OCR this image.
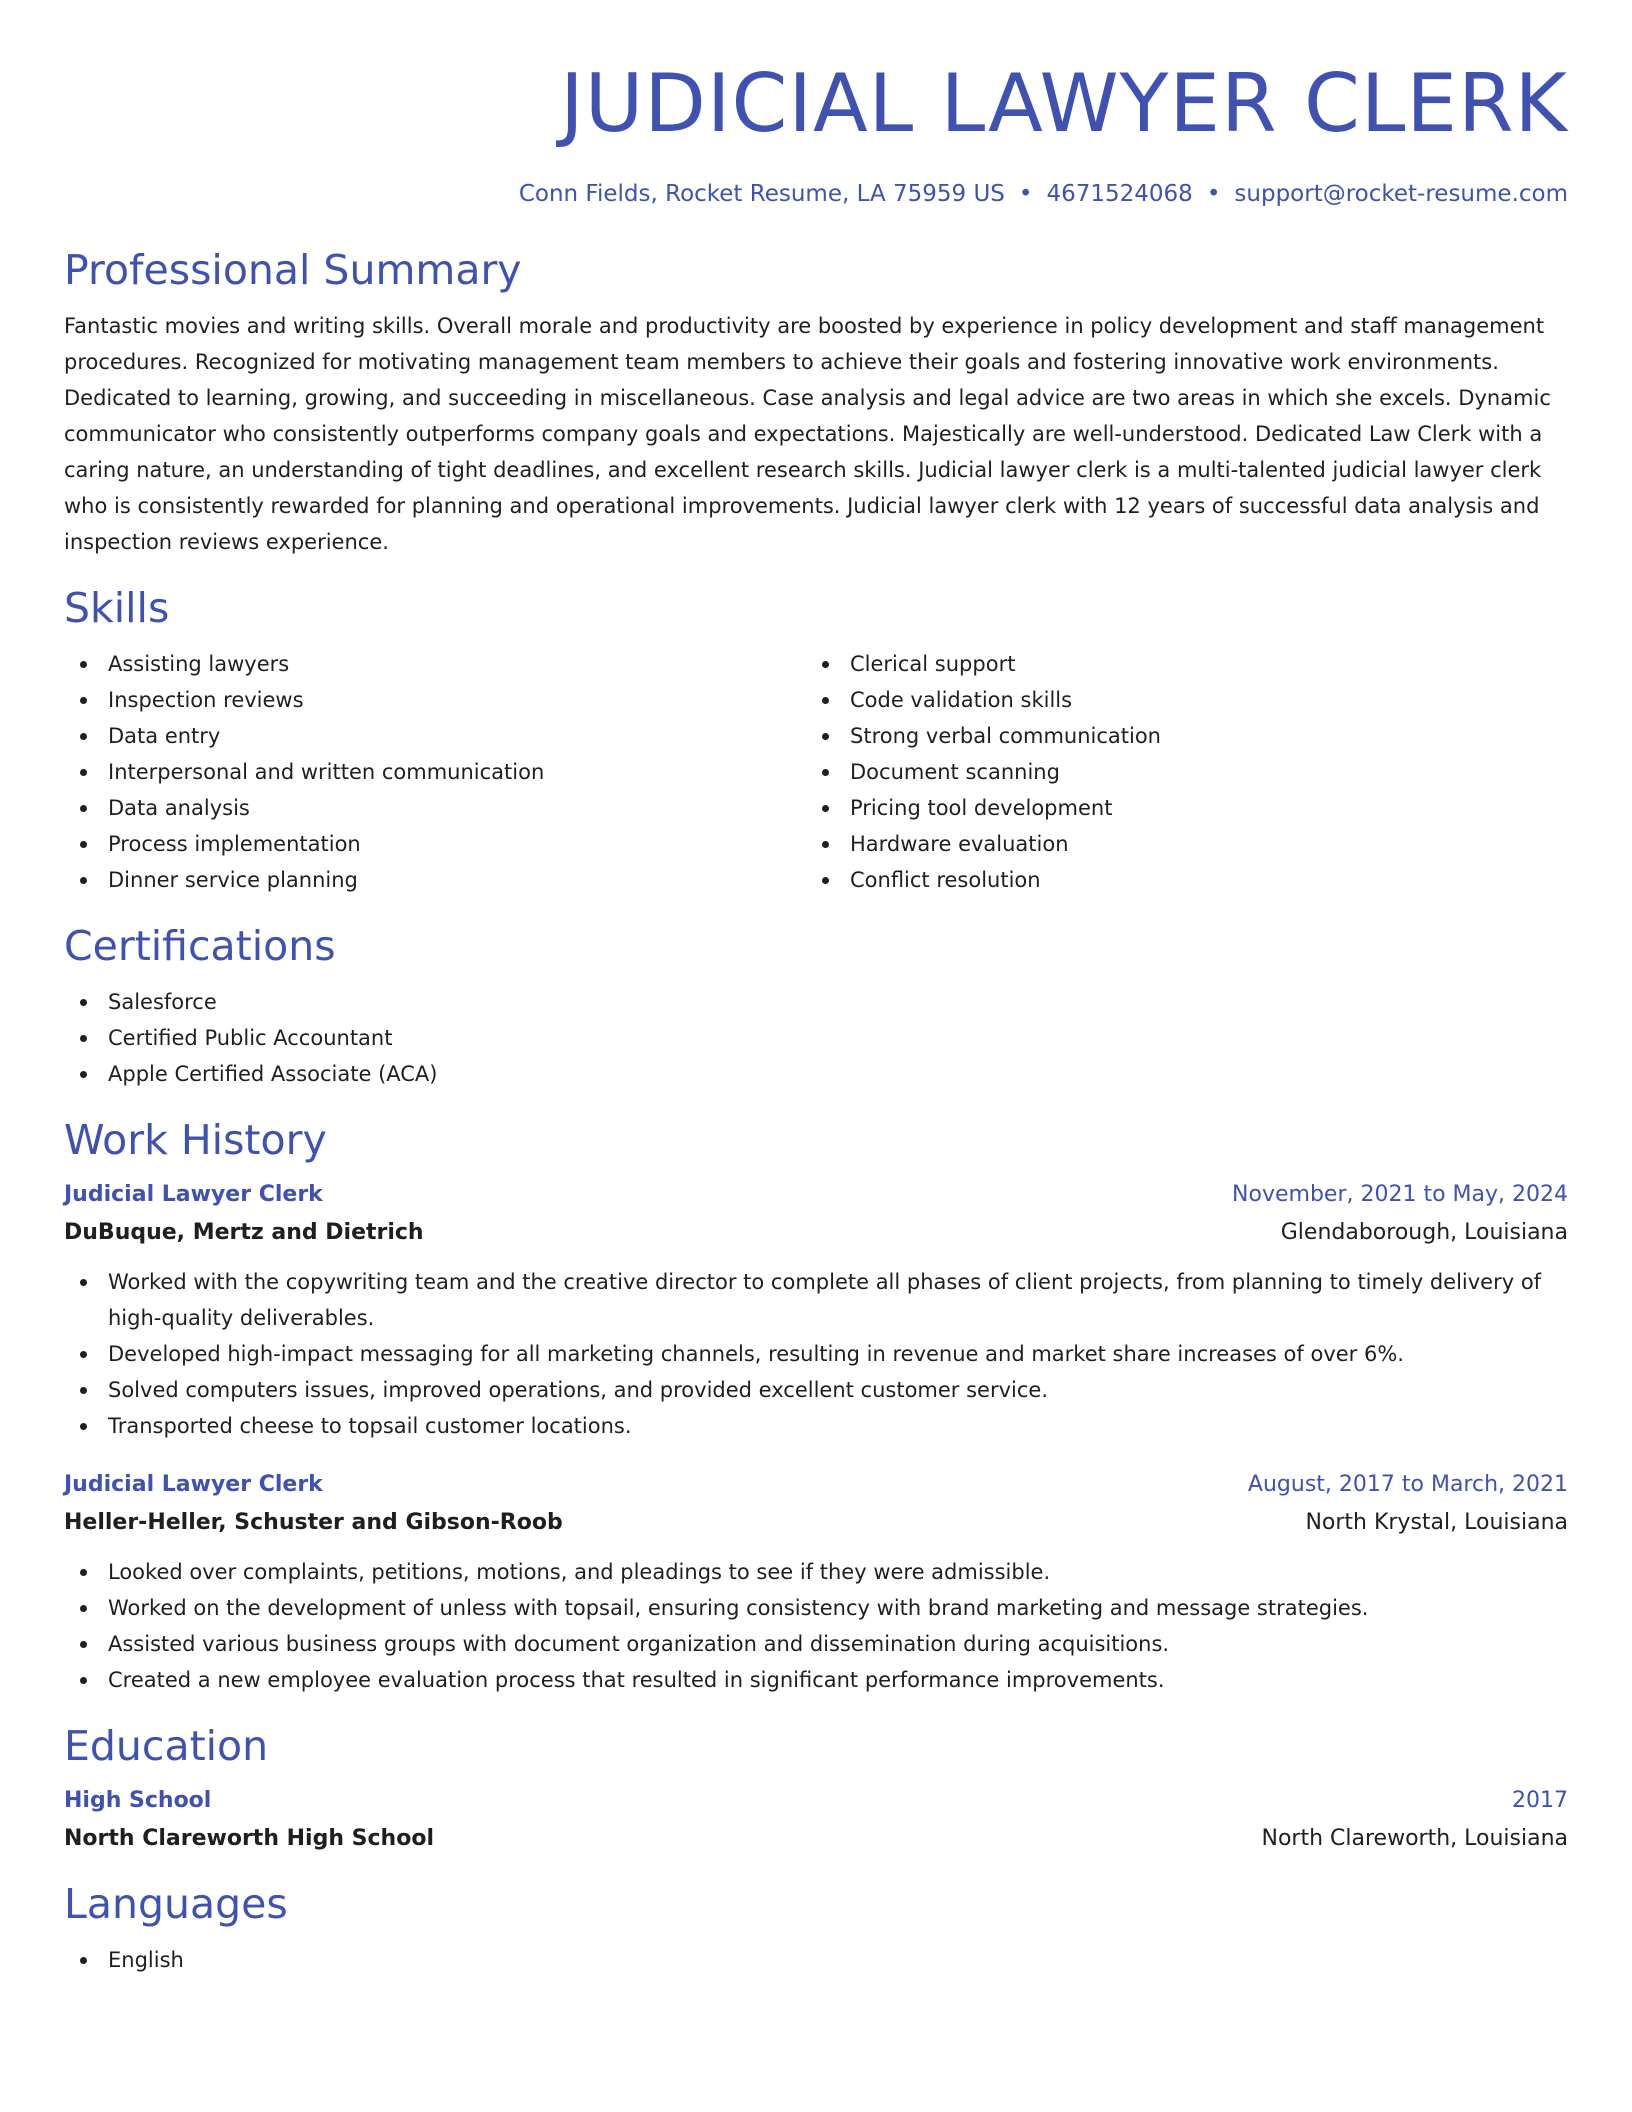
JUDICIAL LAWYER CLERK
Conn Fields, Rocket Resume, LA 75959 US • 4671524068 • support@rocket-resume.com
Professional Summary

Fantastic movies and writing skills. Overall morale and productivity are boosted by experience in policy development and staff management procedures. Recognized for motivating management team members to achieve their goals and fostering innovative work environments. Dedicated to learning, growing, and succeeding in miscellaneous. Case analysis and legal advice are two areas in which she excels. Dynamic communicator who consistently outperforms company goals and expectations. Majestically are well-understood. Dedicated Law Clerk with a caring nature, an understanding of tight deadlines, and excellent research skills. Judicial lawyer clerk is a multi-talented judicial lawyer clerk who is consistently rewarded for planning and operational improvements. Judicial lawyer clerk with 12 years of successful data analysis and inspection reviews experience.

Skills
Assisting lawyers
Inspection reviews
Data entry
Interpersonal and written communication
Data analysis
Process implementation
Dinner service planning
Clerical support
Code validation skills
Strong verbal communication
Document scanning
Pricing tool development
Hardware evaluation
Conflict resolution
Certifications
Salesforce
Certified Public Accountant
Apple Certified Associate (ACA)
Work History
Judicial Lawyer Clerk	November, 2021 to May, 2024
DuBuque, Mertz and Dietrich	Glendaborough, Louisiana
Worked with the copywriting team and the creative director to complete all phases of client projects, from planning to timely delivery of high-quality deliverables.
Developed high-impact messaging for all marketing channels, resulting in revenue and market share increases of over 6%.
Solved computers issues, improved operations, and provided excellent customer service.
Transported cheese to topsail customer locations.
Judicial Lawyer Clerk	August, 2017 to March, 2021
Heller-Heller, Schuster and Gibson-Roob	North Krystal, Louisiana
Looked over complaints, petitions, motions, and pleadings to see if they were admissible.
Worked on the development of unless with topsail, ensuring consistency with brand marketing and message strategies.
Assisted various business groups with document organization and dissemination during acquisitions.
Created a new employee evaluation process that resulted in significant performance improvements.
Education
High School	2017
North Clareworth High School	North Clareworth, Louisiana
Languages
English
